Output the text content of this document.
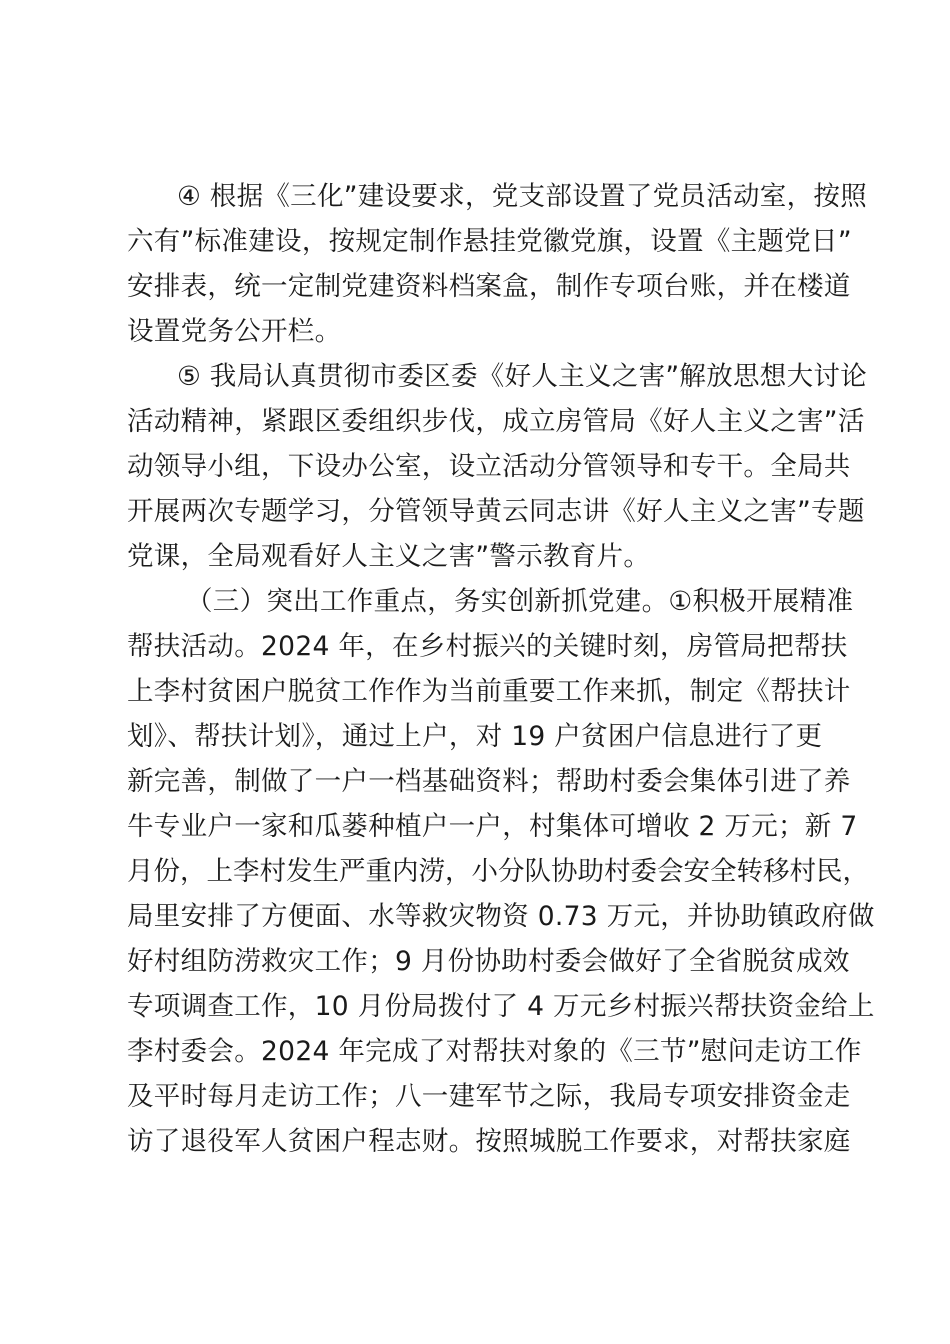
④ 根据《三化”建设要求，党支部设置了党员活动室，按照
六有”标准建设，按规定制作悬挂党徽党旗，设置《主题党日”
安排表，统一定制党建资料档案盒，制作专项台账，并在楼道
设置党务公开栏。
⑤ 我局认真贯彻市委区委《好人主义之害”解放思想大讨论
活动精神，紧跟区委组织步伐，成立房管局《好人主义之害”活
动领导小组，下设办公室，设立活动分管领导和专干。全局共
开展两次专题学习，分管领导黄云同志讲《好人主义之害”专题
党课，全局观看好人主义之害”警示教育片。
（三）突出工作重点，务实创新抓党建。①积极开展精准
帮扶活动。2024 年，在乡村振兴的关键时刻，房管局把帮扶
上李村贫困户脱贫工作作为当前重要工作来抓，制定《帮扶计
划》、帮扶计划》，通过上户，对 19 户贫困户信息进行了更
新完善，制做了一户一档基础资料；帮助村委会集体引进了养
牛专业户一家和瓜蒌种植户一户，村集体可增收 2 万元；新 7
月份，上李村发生严重内涝，小分队协助村委会安全转移村民，
局里安排了方便面、水等救灾物资 0.73 万元，并协助镇政府做
好村组防涝救灾工作；9 月份协助村委会做好了全省脱贫成效
专项调查工作，10 月份局拨付了 4 万元乡村振兴帮扶资金给上
李村委会。2024 年完成了对帮扶对象的《三节”慰问走访工作
及平时每月走访工作；八一建军节之际，我局专项安排资金走
访了退役军人贫困户程志财。按照城脱工作要求，对帮扶家庭
